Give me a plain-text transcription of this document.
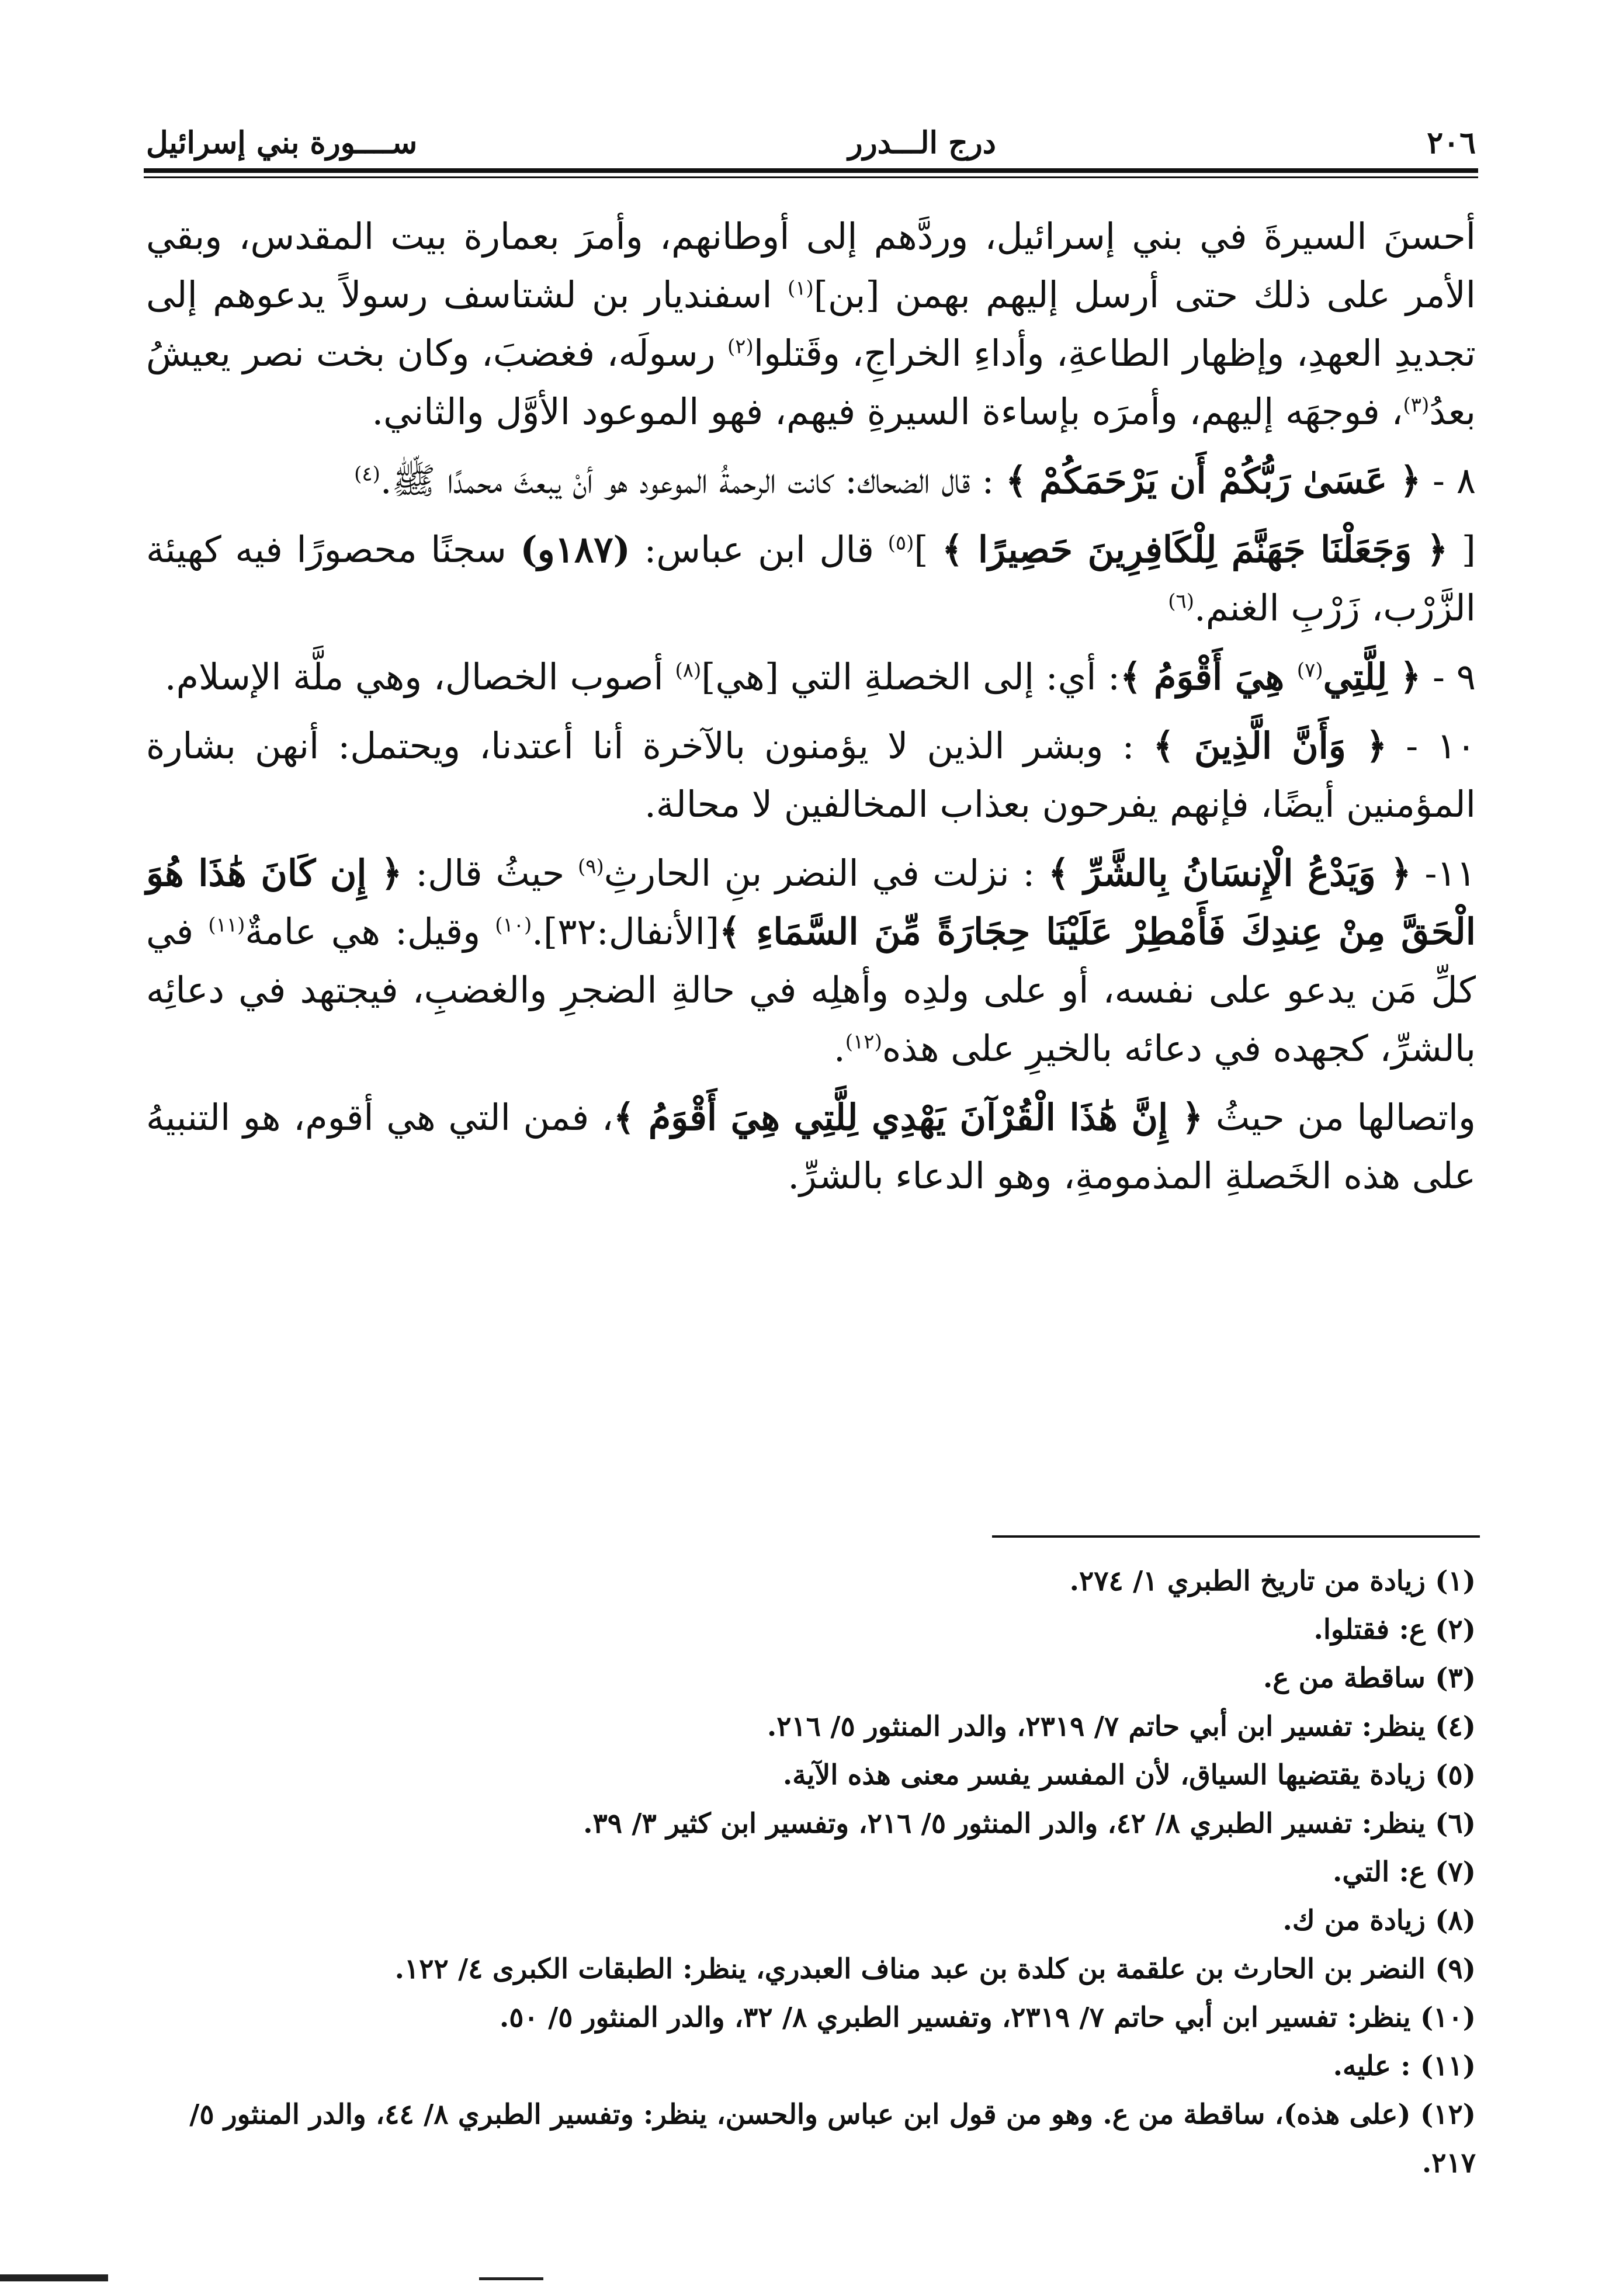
٢٠٦
درج الـــدرر
ســــورة بني إسرائيل

أحسنَ السيرةَ في بني إسرائيل، وردَّهم إلى أوطانهم، وأمرَ بعمارة بيت المقدس، وبقي الأمر على ذلك حتى أرسل إليهم بهمن [بن]$^{(١)}$ اسفنديار بن لشتاسف رسولاً يدعوهم إلى تجديدِ العهدِ، وإظهار الطاعةِ، وأداءِ الخراجِ، وقَتلوا$^{(٢)}$ رسولَه، فغضبَ، وكان بخت نصر يعيشُ بعدُ$^{(٣)}$، فوجهَه إليهم، وأمرَه بإساءة السيرةِ فيهم، فهو الموعود الأوَّل والثاني.

٨ - ﴿ عَسَىٰ رَبُّكُمْ أَن يَرْحَمَكُمْ ﴾ : قال الضحاك: كانت الرحمةُ الموعود هو أنْ يبعثَ محمدًا ﷺ.$^{(٤)}$

[ ﴿ وَجَعَلْنَا جَهَنَّمَ لِلْكَافِرِينَ حَصِيرًا ﴾ ]$^{(٥)}$ قال ابن عباس: (١٨٧و) سجنًا محصورًا فيه كهيئة الزَّرْب، زَرْبِ الغنم.$^{(٦)}$

٩ - ﴿ لِلَّتِي$^{(٧)}$ هِيَ أَقْوَمُ ﴾: أي: إلى الخصلةِ التي [هي]$^{(٨)}$ أصوب الخصال، وهي ملَّة الإسلام.

١٠ - ﴿ وَأَنَّ الَّذِينَ ﴾ : وبشر الذين لا يؤمنون بالآخرة أنا أعتدنا، ويحتمل: أنهن بشارة المؤمنين أيضًا، فإنهم يفرحون بعذاب المخالفين لا محالة.

١١- ﴿ وَيَدْعُ الْإِنسَانُ بِالشَّرِّ ﴾ : نزلت في النضر بنِ الحارثِ$^{(٩)}$ حيثُ قال: ﴿ إِن كَانَ هَٰذَا هُوَ الْحَقَّ مِنْ عِندِكَ فَأَمْطِرْ عَلَيْنَا حِجَارَةً مِّنَ السَّمَاءِ ﴾[الأنفال:٣٢].$^{(١٠)}$ وقيل: هي عامةٌ$^{(١١)}$ في كلِّ مَن يدعو على نفسه، أو على ولدِه وأهلِه في حالةِ الضجرِ والغضبِ، فيجتهد في دعائِه بالشرِّ، كجهده في دعائه بالخيرِ على هذه$^{(١٢)}$.

واتصالها من حيثُ ﴿ إِنَّ هَٰذَا الْقُرْآنَ يَهْدِي لِلَّتِي هِيَ أَقْوَمُ ﴾، فمن التي هي أقوم، هو التنبيهُ على هذه الخَصلةِ المذمومةِ، وهو الدعاء بالشرِّ.

(١) زيادة من تاريخ الطبري ١/ ٢٧٤.
(٢) ع: فقتلوا.
(٣) ساقطة من ع.
(٤) ينظر: تفسير ابن أبي حاتم ٧/ ٢٣١٩، والدر المنثور ٥/ ٢١٦.
(٥) زيادة يقتضيها السياق، لأن المفسر يفسر معنى هذه الآية.
(٦) ينظر: تفسير الطبري ٨/ ٤٢، والدر المنثور ٥/ ٢١٦، وتفسير ابن كثير ٣/ ٣٩.
(٧) ع: التي.
(٨) زيادة من ك.
(٩) النضر بن الحارث بن علقمة بن كلدة بن عبد مناف العبدري، ينظر: الطبقات الكبرى ٤/ ١٢٢.
(١٠) ينظر: تفسير ابن أبي حاتم ٧/ ٢٣١٩، وتفسير الطبري ٨/ ٣٢، والدر المنثور ٥/ ٥٠.
(١١) : عليه.
(١٢) (على هذه)، ساقطة من ع. وهو من قول ابن عباس والحسن، ينظر: وتفسير الطبري ٨/ ٤٤، والدر المنثور ٥/ ٢١٧.
